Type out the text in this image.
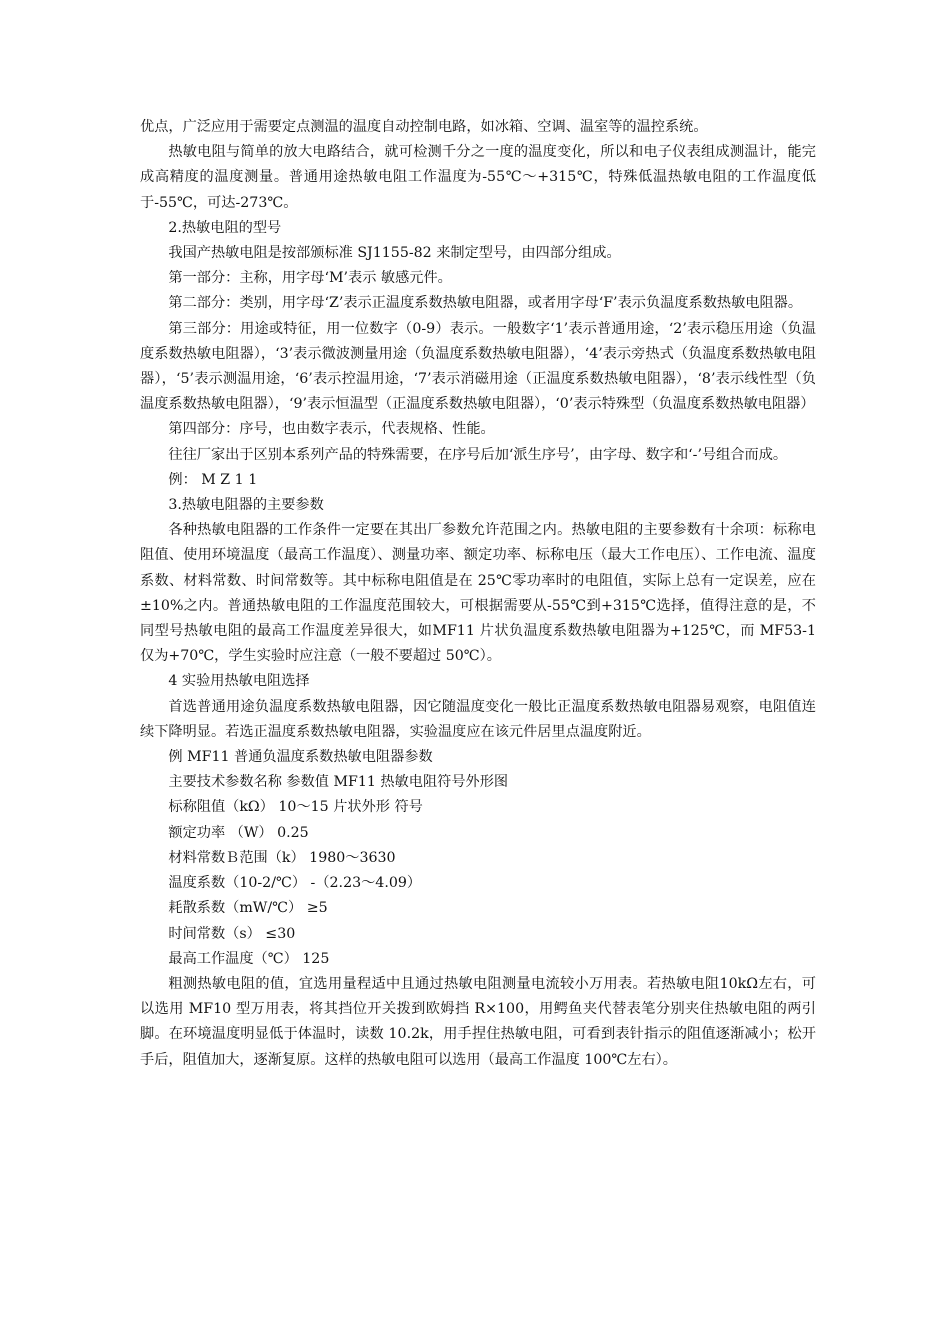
优点，广泛应用于需要定点测温的温度自动控制电路，如冰箱、空调、温室等的温控系统。

热敏电阻与简单的放大电路结合，就可检测千分之一度的温度变化，所以和电子仪表组成测温计，能完成高精度的温度测量。普通用途热敏电阻工作温度为-55℃～+315℃，特殊低温热敏电阻的工作温度低于-55℃，可达-273℃。

2.热敏电阻的型号

我国产热敏电阻是按部颁标准 SJ1155-82 来制定型号，由四部分组成。

第一部分：主称，用字母‘M’表示 敏感元件。

第二部分：类别，用字母‘Z’表示正温度系数热敏电阻器，或者用字母‘F’表示负温度系数热敏电阻器。

第三部分：用途或特征，用一位数字（0-9）表示。一般数字‘1’表示普通用途，‘2’表示稳压用途（负温度系数热敏电阻器），‘3’表示微波测量用途（负温度系数热敏电阻器），‘4’表示旁热式（负温度系数热敏电阻器），‘5’表示测温用途，‘6’表示控温用途，‘7’表示消磁用途（正温度系数热敏电阻器），‘8’表示线性型（负温度系数热敏电阻器），‘9’表示恒温型（正温度系数热敏电阻器），‘0’表示特殊型（负温度系数热敏电阻器）

第四部分：序号，也由数字表示，代表规格、性能。

往往厂家出于区别本系列产品的特殊需要，在序号后加‘派生序号’，由字母、数字和‘-’号组合而成。

例： M Z 1 1

3.热敏电阻器的主要参数

各种热敏电阻器的工作条件一定要在其出厂参数允许范围之内。热敏电阻的主要参数有十余项：标称电阻值、使用环境温度（最高工作温度）、测量功率、额定功率、标称电压（最大工作电压）、工作电流、温度系数、材料常数、时间常数等。其中标称电阻值是在 25℃零功率时的电阻值，实际上总有一定误差，应在±10%之内。普通热敏电阻的工作温度范围较大，可根据需要从-55℃到+315℃选择，值得注意的是，不同型号热敏电阻的最高工作温度差异很大，如MF11 片状负温度系数热敏电阻器为+125℃，而 MF53-1 仅为+70℃，学生实验时应注意（一般不要超过 50℃）。

4 实验用热敏电阻选择

首选普通用途负温度系数热敏电阻器，因它随温度变化一般比正温度系数热敏电阻器易观察，电阻值连续下降明显。若选正温度系数热敏电阻器，实验温度应在该元件居里点温度附近。

例 MF11 普通负温度系数热敏电阻器参数

主要技术参数名称 参数值 MF11 热敏电阻符号外形图

标称阻值（kΩ） 10～15 片状外形 符号

额定功率 （W） 0.25

材料常数Ｂ范围（k） 1980～3630

温度系数（10-2/℃） -（2.23～4.09）

耗散系数（mW/℃） ≥5

时间常数（s） ≤30

最高工作温度（℃） 125

粗测热敏电阻的值，宜选用量程适中且通过热敏电阻测量电流较小万用表。若热敏电阻10kΩ左右，可以选用 MF10 型万用表，将其挡位开关拨到欧姆挡 R×100，用鳄鱼夹代替表笔分别夹住热敏电阻的两引脚。在环境温度明显低于体温时，读数 10.2k，用手捏住热敏电阻，可看到表针指示的阻值逐渐减小；松开手后，阻值加大，逐渐复原。这样的热敏电阻可以选用（最高工作温度 100℃左右）。
